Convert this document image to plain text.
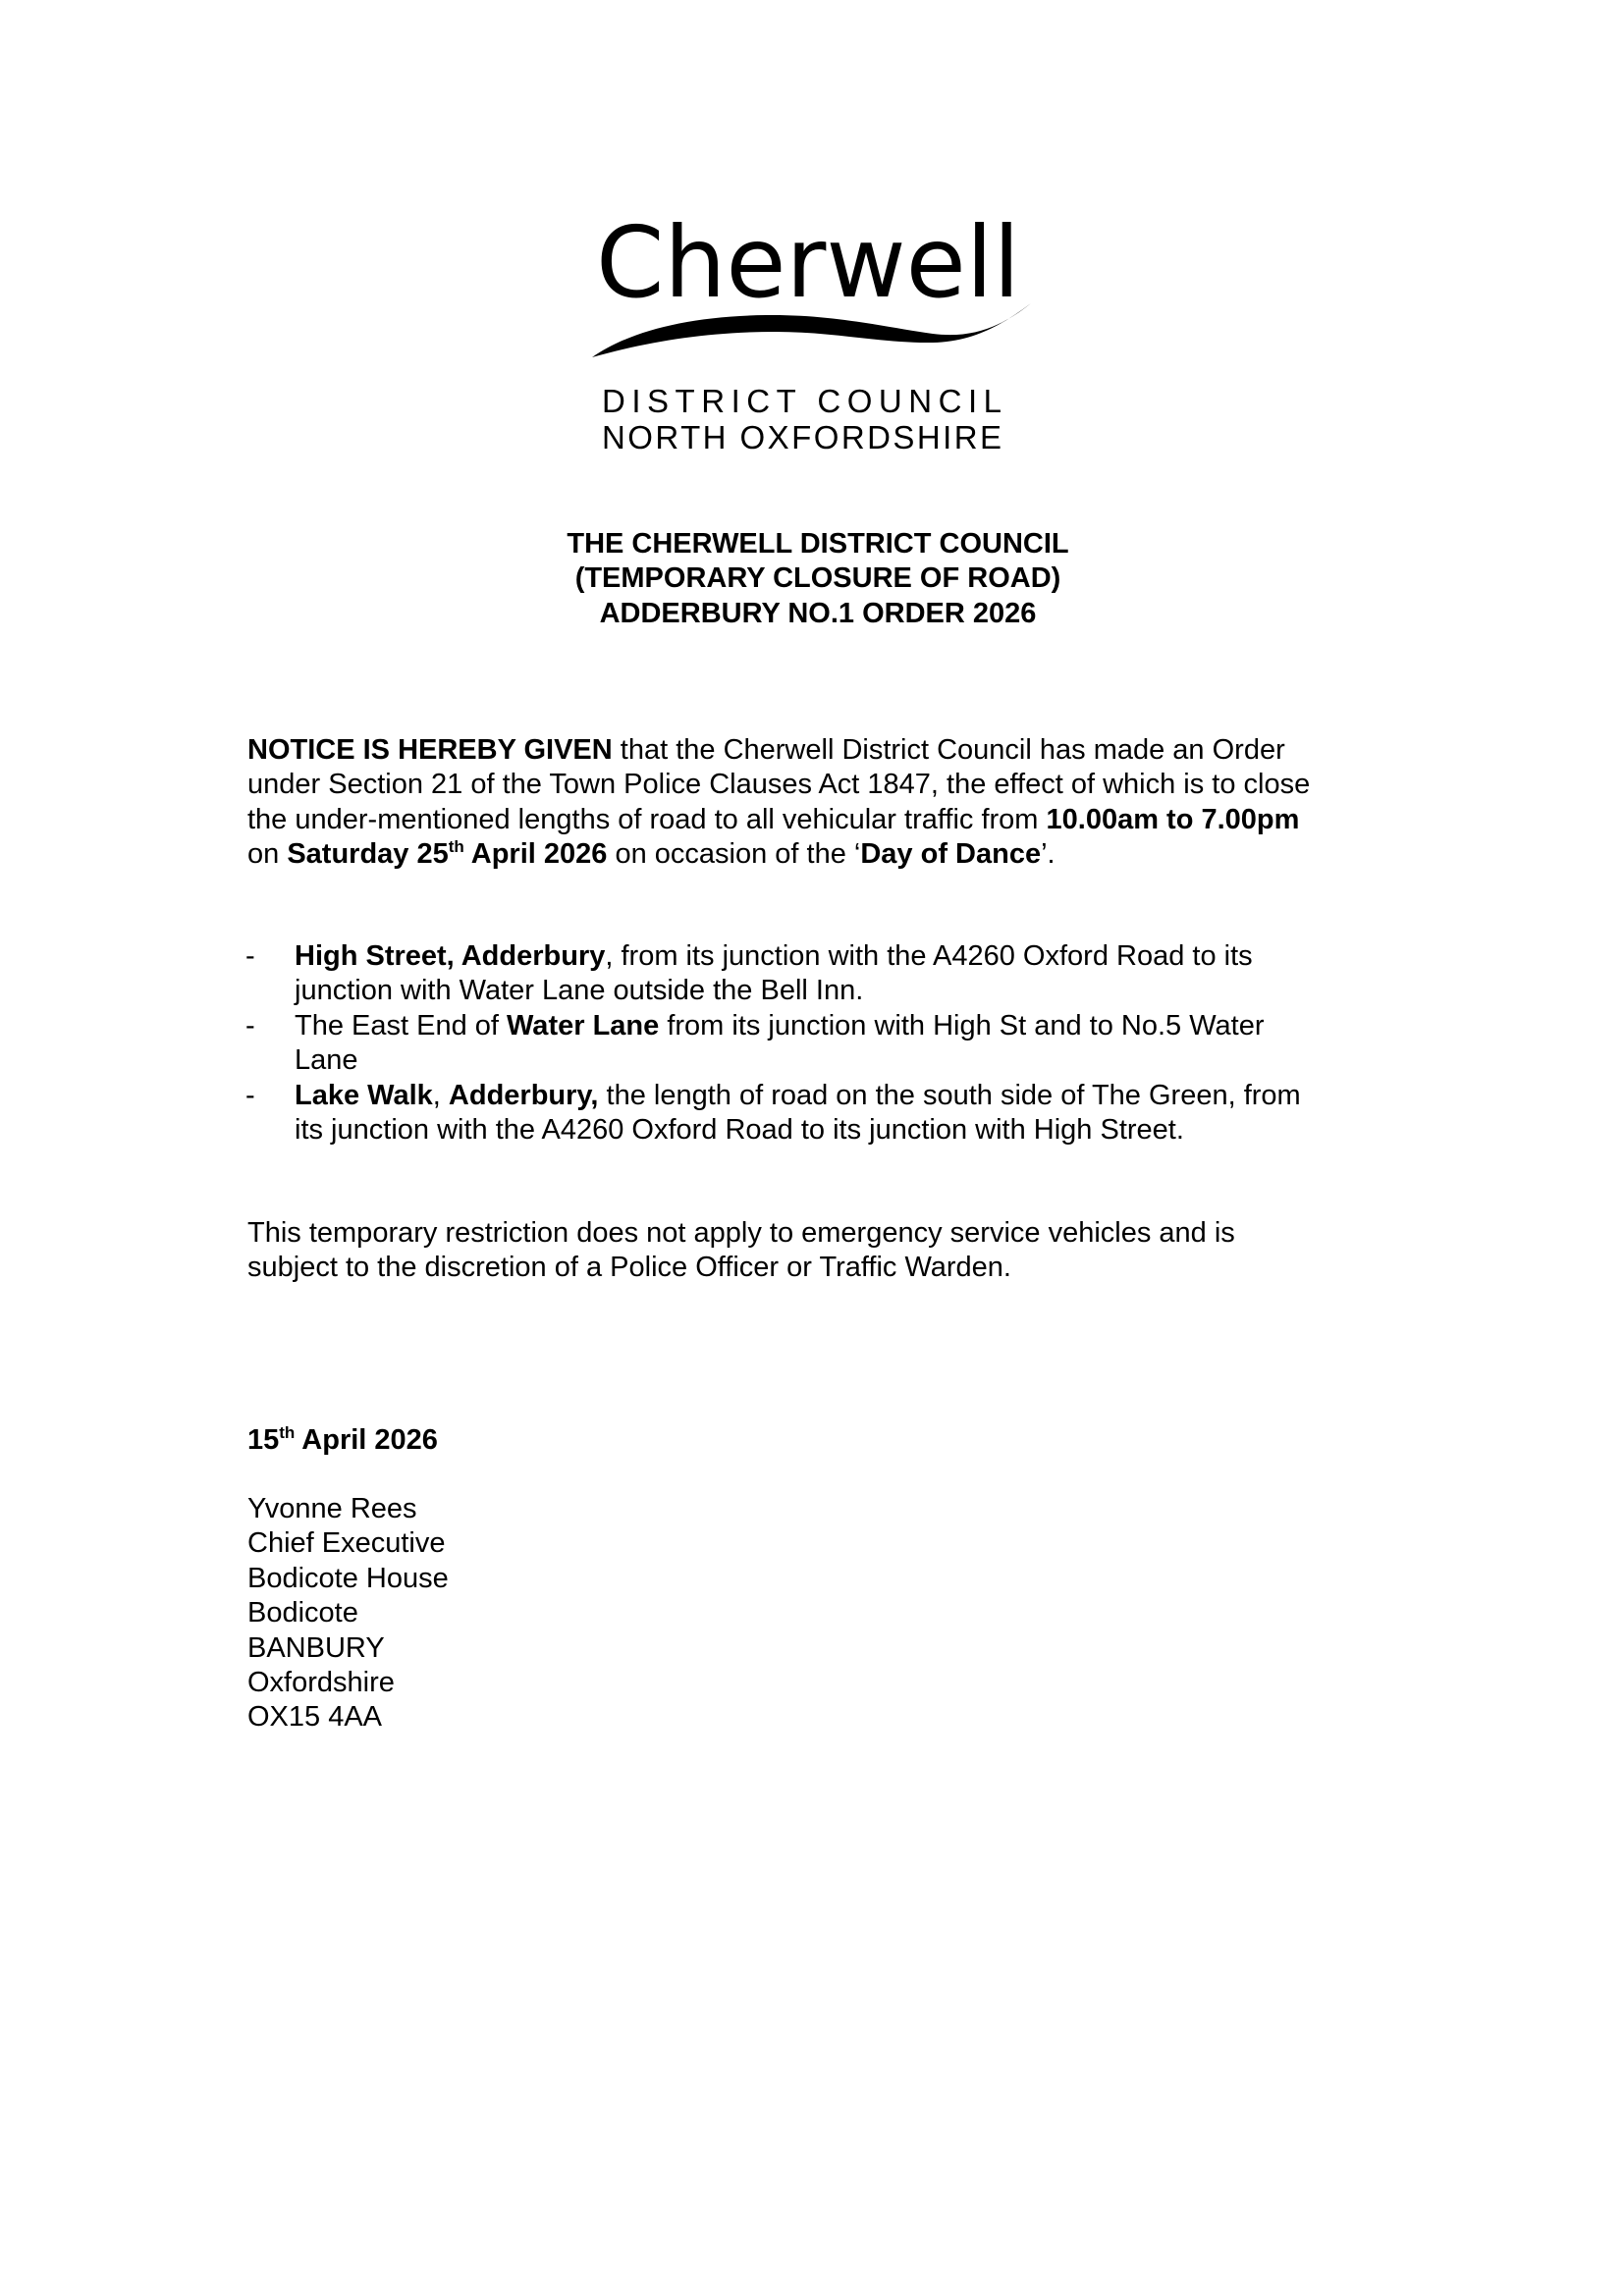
Cherwell
DISTRICT COUNCIL
NORTH OXFORDSHIRE
THE CHERWELL DISTRICT COUNCIL
(TEMPORARY CLOSURE OF ROAD)
ADDERBURY NO.1 ORDER 2026
NOTICE IS HEREBY GIVEN that the Cherwell District Council has made an Order
under Section 21 of the Town Police Clauses Act 1847, the effect of which is to close
the under-mentioned lengths of road to all vehicular traffic from 10.00am to 7.00pm
on Saturday 25th April 2026 on occasion of the ‘Day of Dance’.
- High Street, Adderbury, from its junction with the A4260 Oxford Road to its
junction with Water Lane outside the Bell Inn.
- The East End of Water Lane from its junction with High St and to No.5 Water
Lane
- Lake Walk, Adderbury, the length of road on the south side of The Green, from
its junction with the A4260 Oxford Road to its junction with High Street.
This temporary restriction does not apply to emergency service vehicles and is
subject to the discretion of a Police Officer or Traffic Warden.
15th April 2026
Yvonne Rees
Chief Executive
Bodicote House
Bodicote
BANBURY
Oxfordshire
OX15 4AA
